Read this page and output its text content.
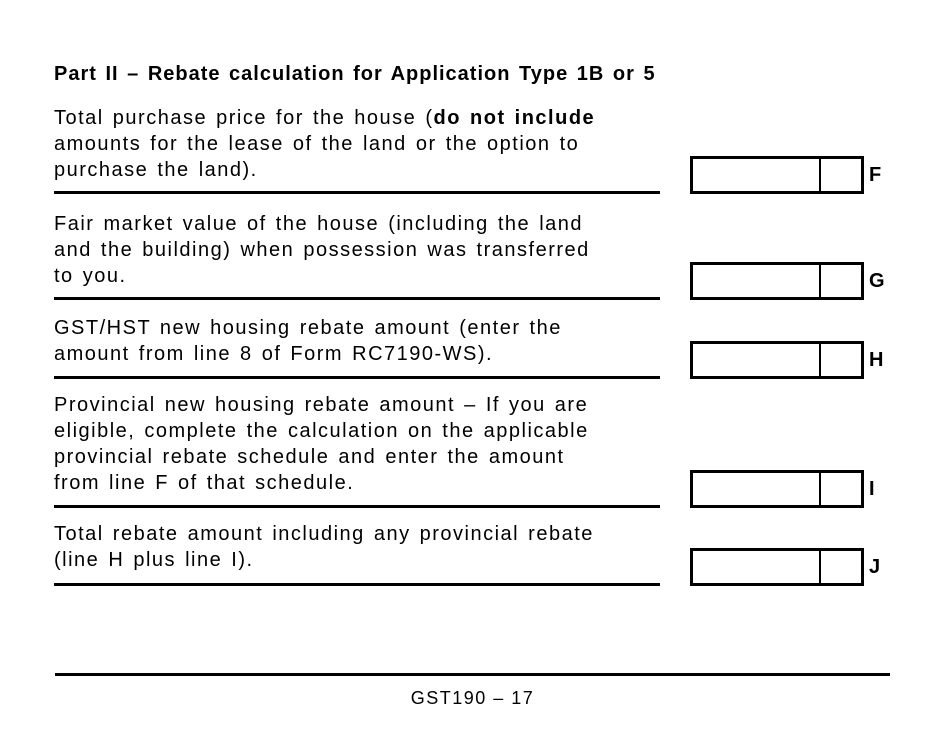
Part II – Rebate calculation for Application Type 1B or 5
Total purchase price for the house (do not include
amounts for the lease of the land or the option to
purchase the land).	F
Fair market value of the house (including the land
and the building) when possession was transferred
to you.	G
GST/HST new housing rebate amount (enter the
amount from line 8 of Form RC7190-WS).	H
Provincial new housing rebate amount – If you are
eligible, complete the calculation on the applicable
provincial rebate schedule and enter the amount
from line F of that schedule.	I
Total rebate amount including any provincial rebate
(line H plus line I).	J
GST190 – 17
